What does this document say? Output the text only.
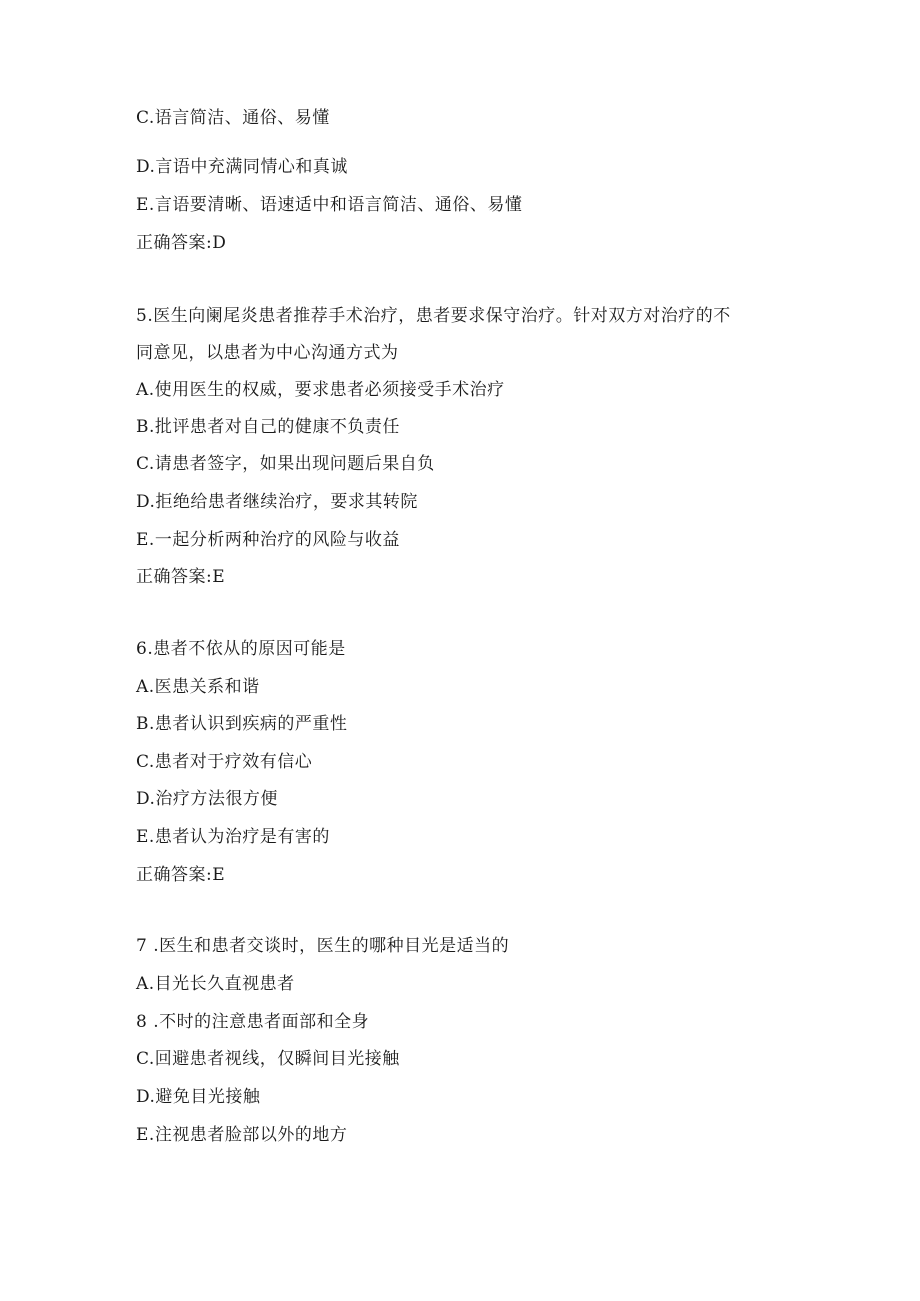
C.语言简洁、通俗、易懂
D.言语中充满同情心和真诚
E.言语要清晰、语速适中和语言简洁、通俗、易懂
正确答案:D
5.医生向阑尾炎患者推荐手术治疗，患者要求保守治疗。针对双方对治疗的不
同意见，以患者为中心沟通方式为
A.使用医生的权威，要求患者必须接受手术治疗
B.批评患者对自己的健康不负责任
C.请患者签字，如果出现问题后果自负
D.拒绝给患者继续治疗，要求其转院
E.一起分析两种治疗的风险与收益
正确答案:E
6.患者不依从的原因可能是
A.医患关系和谐
B.患者认识到疾病的严重性
C.患者对于疗效有信心
D.治疗方法很方便
E.患者认为治疗是有害的
正确答案:E
7 .医生和患者交谈时，医生的哪种目光是适当的
A.目光长久直视患者
8 .不时的注意患者面部和全身
C.回避患者视线，仅瞬间目光接触
D.避免目光接触
E.注视患者脸部以外的地方
